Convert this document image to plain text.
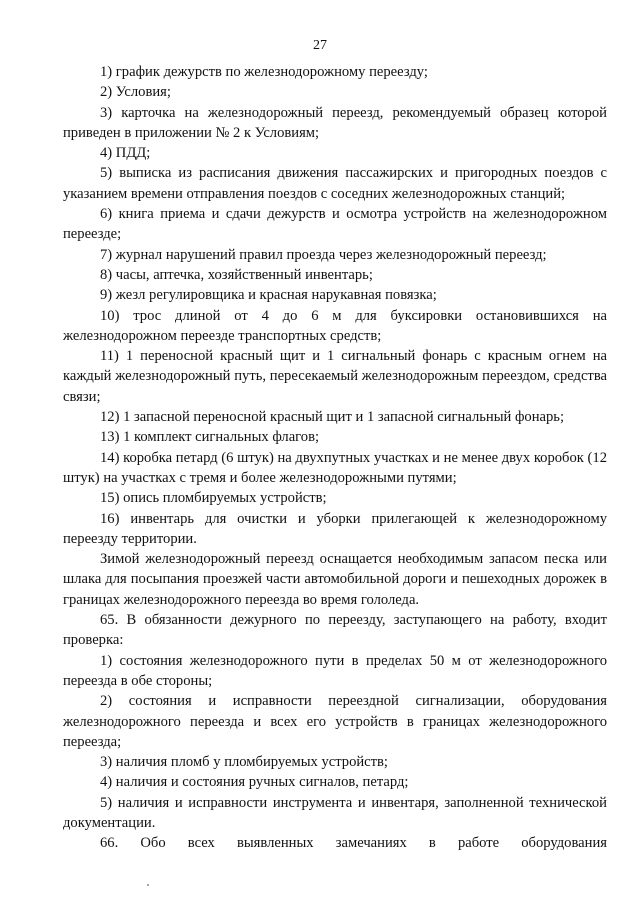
27

1) график дежурств по железнодорожному переезду;

2) Условия;

3) карточка на железнодорожный переезд, рекомендуемый образец которой приведен в приложении № 2 к Условиям;

4) ПДД;

5) выписка из расписания движения пассажирских и пригородных поездов с указанием времени отправления поездов с соседних железнодорожных станций;

6) книга приема и сдачи дежурств и осмотра устройств на железнодорожном переезде;

7) журнал нарушений правил проезда через железнодорожный переезд;

8) часы, аптечка, хозяйственный инвентарь;

9) жезл регулировщика и красная нарукавная повязка;

10) трос длиной от 4 до 6 м для буксировки остановившихся на железнодорожном переезде транспортных средств;

11) 1 переносной красный щит и 1 сигнальный фонарь с красным огнем на каждый железнодорожный путь, пересекаемый железнодорожным переездом, средства связи;

12) 1 запасной переносной красный щит и 1 запасной сигнальный фонарь;

13) 1 комплект сигнальных флагов;

14) коробка петард (6 штук) на двухпутных участках и не менее двух коробок (12 штук) на участках с тремя и более железнодорожными путями;

15) опись пломбируемых устройств;

16) инвентарь для очистки и уборки прилегающей к железнодорожному переезду территории.

Зимой железнодорожный переезд оснащается необходимым запасом песка или шлака для посыпания проезжей части автомобильной дороги и пешеходных дорожек в границах железнодорожного переезда во время гололеда.

65. В обязанности дежурного по переезду, заступающего на работу, входит проверка:

1) состояния железнодорожного пути в пределах 50 м от железнодорожного переезда в обе стороны;

2) состояния и исправности переездной сигнализации, оборудования железнодорожного переезда и всех его устройств в границах железнодорожного переезда;

3) наличия пломб у пломбируемых устройств;

4) наличия и состояния ручных сигналов, петард;

5) наличия и исправности инструмента и инвентаря, заполненной технической документации.

66. Обо всех выявленных замечаниях в работе оборудования
